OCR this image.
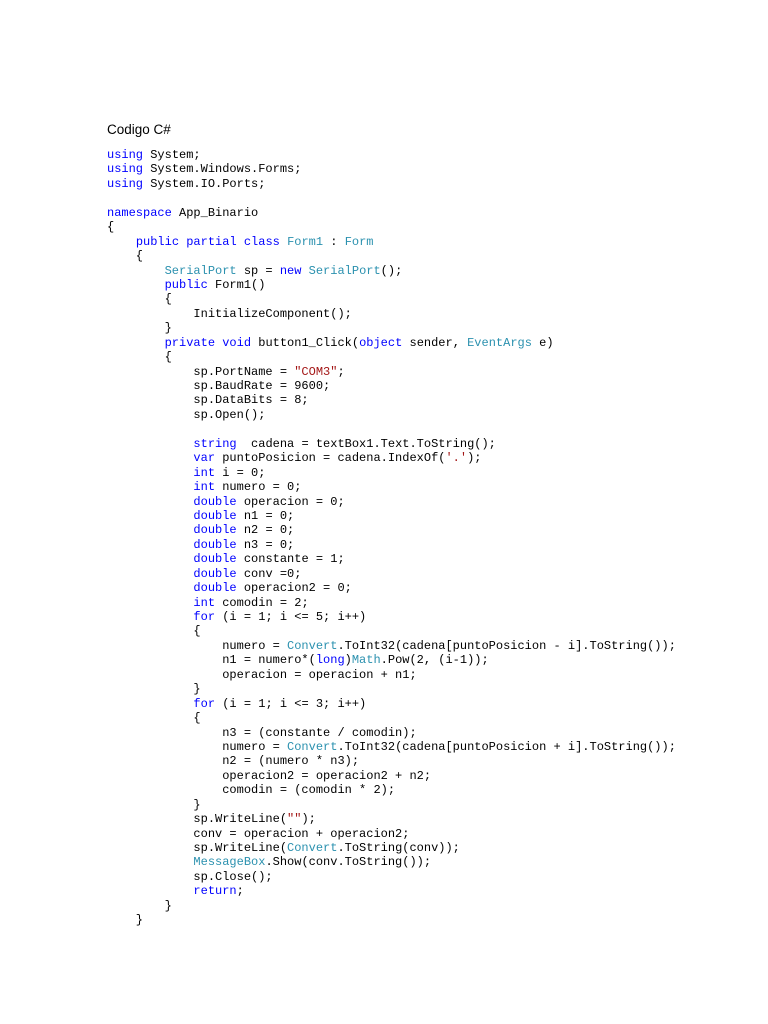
Codigo C#
using System;
using System.Windows.Forms;
using System.IO.Ports;
namespace App_Binario
{
public partial class Form1 : Form
{
SerialPort sp = new SerialPort();
public Form1()
{
InitializeComponent();
}
private void button1_Click(object sender, EventArgs e)
{
sp.PortName = "COM3";
sp.BaudRate = 9600;
sp.DataBits = 8;
sp.Open();
string  cadena = textBox1.Text.ToString();
var puntoPosicion = cadena.IndexOf('.');
int i = 0;
int numero = 0;
double operacion = 0;
double n1 = 0;
double n2 = 0;
double n3 = 0;
double constante = 1;
double conv =0;
double operacion2 = 0;
int comodin = 2;
for (i = 1; i <= 5; i++)
{
numero = Convert.ToInt32(cadena[puntoPosicion - i].ToString());
n1 = numero*(long)Math.Pow(2, (i-1));
operacion = operacion + n1;
}
for (i = 1; i <= 3; i++)
{
n3 = (constante / comodin);
numero = Convert.ToInt32(cadena[puntoPosicion + i].ToString());
n2 = (numero * n3);
operacion2 = operacion2 + n2;
comodin = (comodin * 2);
}
sp.WriteLine("");
conv = operacion + operacion2;
sp.WriteLine(Convert.ToString(conv));
MessageBox.Show(conv.ToString());
sp.Close();
return;
}
}
